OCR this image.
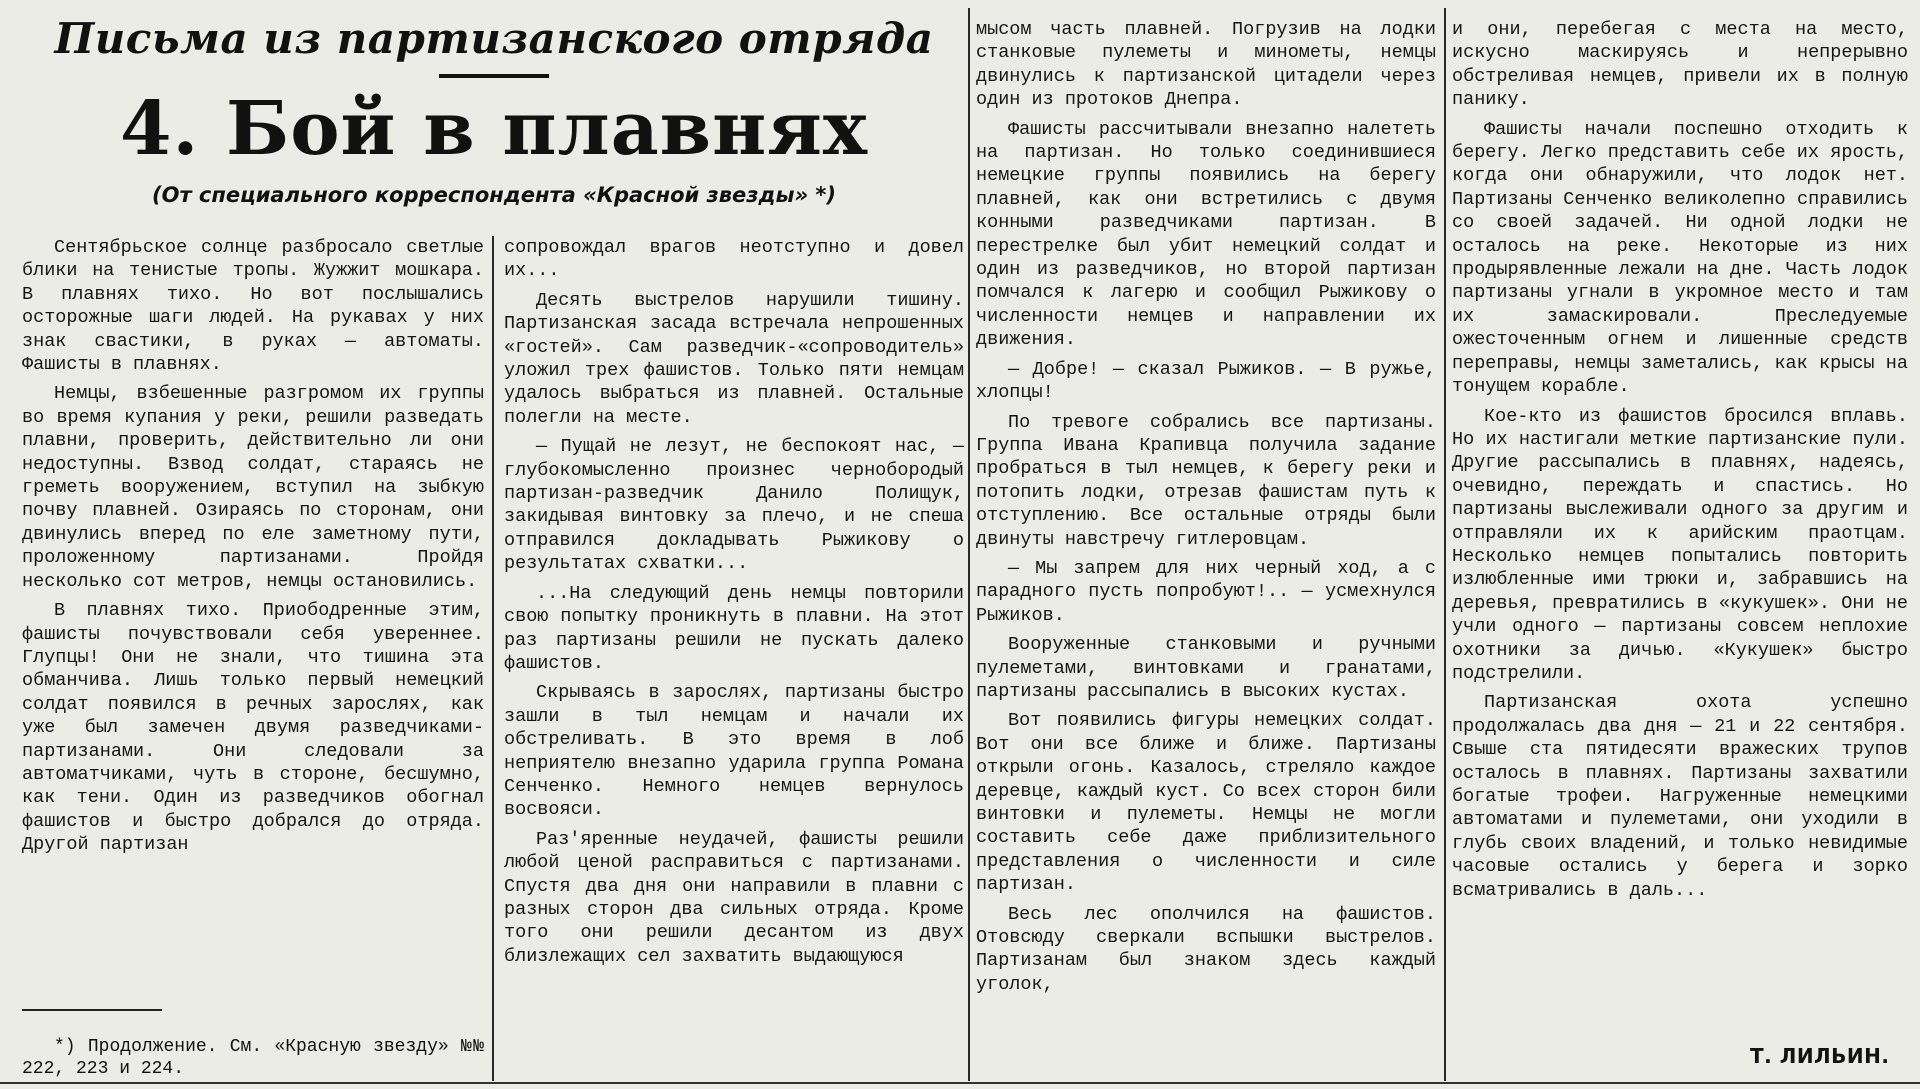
Письма из партизанского отряда
4. Бой в плавнях

(От специального корреспондента «Красной звезды» *)

Сентябрьское солнце разбросало светлые блики на тенистые тропы. Жужжит мошкара. В плавнях тихо. Но вот послышались осторожные шаги людей. На рукавах у них знак свастики, в руках — автоматы. Фашисты в плавнях.

Немцы, взбешенные разгромом их группы во время купания у реки, решили разведать плавни, проверить, действительно ли они недоступны. Взвод солдат, стараясь не греметь вооружением, вступил на зыбкую почву плавней. Озираясь по сторонам, они двинулись вперед по еле заметному пути, проложенному партизанами. Пройдя несколько сот метров, немцы остановились.

В плавнях тихо. Приободренные этим, фашисты почувствовали себя увереннее. Глупцы! Они не знали, что тишина эта обманчива. Лишь только первый немецкий солдат появился в речных зарослях, как уже был замечен двумя разведчиками-партизанами. Они следовали за автоматчиками, чуть в стороне, бесшумно, как тени. Один из разведчиков обогнал фашистов и быстро добрался до отряда. Другой партизан

сопровождал врагов неотступно и довел их...

Десять выстрелов нарушили тишину. Партизанская засада встречала непрошенных «гостей». Сам разведчик-«сопроводитель» уложил трех фашистов. Только пяти немцам удалось выбраться из плавней. Остальные полегли на месте.

— Пущай не лезут, не беспокоят нас, — глубокомысленно произнес чернобородый партизан-разведчик Данило Полищук, закидывая винтовку за плечо, и не спеша отправился докладывать Рыжикову о результатах схватки...

...На следующий день немцы повторили свою попытку проникнуть в плавни. На этот раз партизаны решили не пускать далеко фашистов.

Скрываясь в зарослях, партизаны быстро зашли в тыл немцам и начали их обстреливать. В это время в лоб неприятелю внезапно ударила группа Романа Сенченко. Немного немцев вернулось восвояси.

Раз'яренные неудачей, фашисты решили любой ценой расправиться с партизанами. Спустя два дня они направили в плавни с разных сторон два сильных отряда. Кроме того они решили десантом из двух близлежащих сел захватить выдающуюся

мысом часть плавней. Погрузив на лодки станковые пулеметы и минометы, немцы двинулись к партизанской цитадели через один из протоков Днепра.

Фашисты рассчитывали внезапно налететь на партизан. Но только соединившиеся немецкие группы появились на берегу плавней, как они встретились с двумя конными разведчиками партизан. В перестрелке был убит немецкий солдат и один из разведчиков, но второй партизан помчался к лагерю и сообщил Рыжикову о численности немцев и направлении их движения.

— Добре! — сказал Рыжиков. — В ружье, хлопцы!

По тревоге собрались все партизаны. Группа Ивана Крапивца получила задание пробраться в тыл немцев, к берегу реки и потопить лодки, отрезав фашистам путь к отступлению. Все остальные отряды были двинуты навстречу гитлеровцам.

— Мы запрем для них черный ход, а с парадного пусть попробуют!.. — усмехнулся Рыжиков.

Вооруженные станковыми и ручными пулеметами, винтовками и гранатами, партизаны рассыпались в высоких кустах.

Вот появились фигуры немецких солдат. Вот они все ближе и ближе. Партизаны открыли огонь. Казалось, стреляло каждое деревце, каждый куст. Со всех сторон били винтовки и пулеметы. Немцы не могли составить себе даже приблизительного представления о численности и силе партизан.

Весь лес ополчился на фашистов. Отовсюду сверкали вспышки выстрелов. Партизанам был знаком здесь каждый уголок,

и они, перебегая с места на место, искусно маскируясь и непрерывно обстреливая немцев, привели их в полную панику.

Фашисты начали поспешно отходить к берегу. Легко представить себе их ярость, когда они обнаружили, что лодок нет. Партизаны Сенченко великолепно справились со своей задачей. Ни одной лодки не осталось на реке. Некоторые из них продырявленные лежали на дне. Часть лодок партизаны угнали в укромное место и там их замаскировали. Преследуемые ожесточенным огнем и лишенные средств переправы, немцы заметались, как крысы на тонущем корабле.

Кое-кто из фашистов бросился вплавь. Но их настигали меткие партизанские пули. Другие рассыпались в плавнях, надеясь, очевидно, переждать и спастись. Но партизаны выслеживали одного за другим и отправляли их к арийским праотцам. Несколько немцев попытались повторить излюбленные ими трюки и, забравшись на деревья, превратились в «кукушек». Они не учли одного — партизаны совсем неплохие охотники за дичью. «Кукушек» быстро подстрелили.

Партизанская охота успешно продолжалась два дня — 21 и 22 сентября. Свыше ста пятидесяти вражеских трупов осталось в плавнях. Партизаны захватили богатые трофеи. Нагруженные немецкими автоматами и пулеметами, они уходили в глубь своих владений, и только невидимые часовые остались у берега и зорко всматривались в даль...

*) Продолжение. См. «Красную звезду» №№ 222, 223 и 224.

Т. ЛИЛЬИН.
